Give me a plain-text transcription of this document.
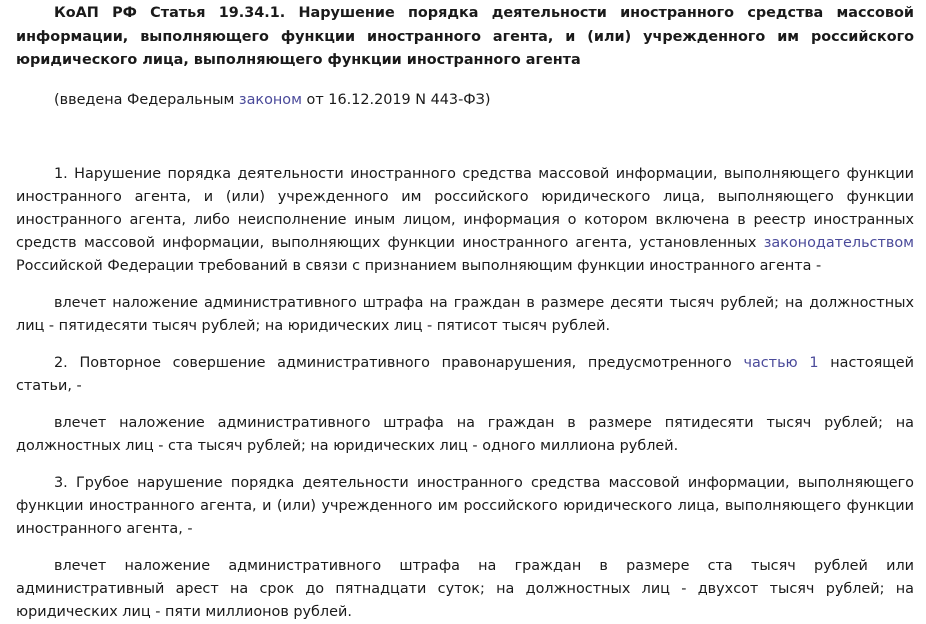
КоАП РФ Статья 19.34.1. Нарушение порядка деятельности иностранного средства массовой информации, выполняющего функции иностранного агента, и (или) учрежденного им российского юридического лица, выполняющего функции иностранного агента

(введена Федеральным законом от 16.12.2019 N 443-ФЗ)

1. Нарушение порядка деятельности иностранного средства массовой информации, выполняющего функции иностранного агента, и (или) учрежденного им российского юридического лица, выполняющего функции иностранного агента, либо неисполнение иным лицом, информация о котором включена в реестр иностранных средств массовой информации, выполняющих функции иностранного агента, установленных законодательством Российской Федерации требований в связи с признанием выполняющим функции иностранного агента -

влечет наложение административного штрафа на граждан в размере десяти тысяч рублей; на должностных лиц - пятидесяти тысяч рублей; на юридических лиц - пятисот тысяч рублей.

2. Повторное совершение административного правонарушения, предусмотренного частью 1 настоящей статьи, -

влечет наложение административного штрафа на граждан в размере пятидесяти тысяч рублей; на должностных лиц - ста тысяч рублей; на юридических лиц - одного миллиона рублей.

3. Грубое нарушение порядка деятельности иностранного средства массовой информации, выполняющего функции иностранного агента, и (или) учрежденного им российского юридического лица, выполняющего функции иностранного агента, -

влечет наложение административного штрафа на граждан в размере ста тысяч рублей или административный арест на срок до пятнадцати суток; на должностных лиц - двухсот тысяч рублей; на юридических лиц - пяти миллионов рублей.
